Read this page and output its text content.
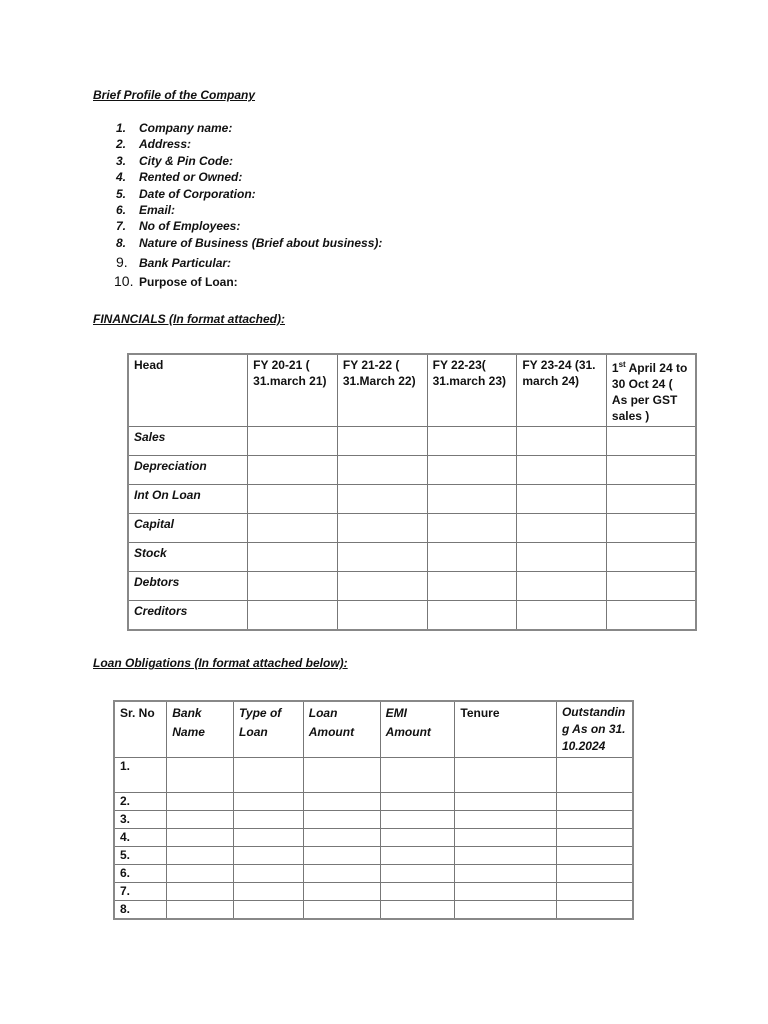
Brief Profile of the Company
1.	Company name:
2.	Address:
3.	City & Pin Code:
4.	Rented or Owned:
5.	Date of Corporation:
6.	Email:
7.	No of Employees:
8.	Nature of Business (Brief about business):
9. Bank Particular:
10. Purpose of Loan:
FINANCIALS (In format attached):
Head	FY 20-21 ( 31.march 21)	FY 21-22 ( 31.March 22)	FY 22-23( 31.march 23)	FY 23-24 (31. march 24)	1st April 24 to 30 Oct 24 ( As per GST sales )
Sales					
Depreciation					
Int On Loan					
Capital					
Stock					
Debtors					
Creditors					
Loan Obligations (In format attached below):
Sr. No	Bank Name	Type of Loan	Loan Amount	EMI Amount	Tenure	Outstanding As on 31.10.2024
1.						
2.						
3.						
4.						
5.						
6.						
7.						
8.						
